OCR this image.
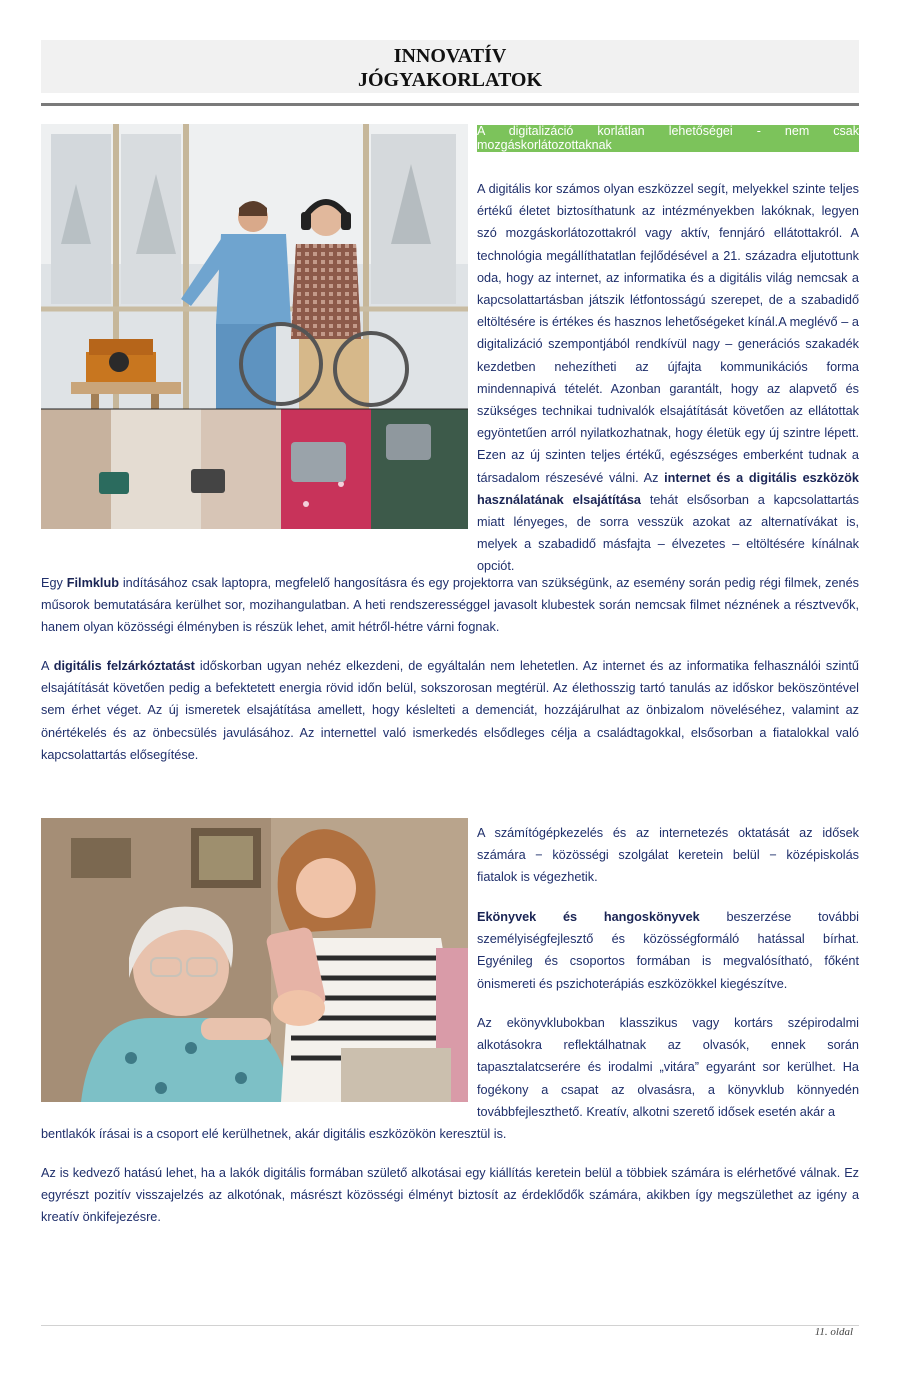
INNOVATÍV
JÓGYAKORLATOK
A digitalizáció korlátlan lehetőségei - nem csak mozgáskorlátozottaknak
A digitális kor számos olyan eszközzel segít, melyekkel szinte teljes értékű életet biztosíthatunk az intézményekben lakóknak, legyen szó mozgáskorlátozottakról vagy aktív, fennjáró ellátottakról. A technológia megállíthatatlan fejlődésével a 21. századra eljutottunk oda, hogy az internet, az informatika és a digitális világ nemcsak a kapcsolattartásban játszik létfontosságú szerepet, de a szabadidő eltöltésére is értékes és hasznos lehetőségeket kínál.A meglévő – a digitalizáció szempontjából rendkívül nagy – generációs szakadék kezdetben nehezítheti az újfajta kommunikációs forma mindennapivá tételét. Azonban garantált, hogy az alapvető és szükséges technikai tudnivalók elsajátítását követően az ellátottak egyöntetűen arról nyilatkozhatnak, hogy életük egy új szintre lépett. Ezen az új szinten teljes értékű, egészséges emberként tudnak a társadalom részesévé válni. Az internet és a digitális eszközök használatának elsajátítása tehát elsősorban a kapcsolattartás miatt lényeges, de sorra vesszük azokat az alternatívákat is, melyek a szabadidő másfajta – élvezetes – eltöltésére kínálnak opciót.
Egy Filmklub indításához csak laptopra, megfelelő hangosításra és egy projektorra van szükségünk, az esemény során pedig régi filmek, zenés műsorok bemutatására kerülhet sor, mozihangulatban. A heti rendszerességgel javasolt klubestek során nemcsak filmet néznének a résztvevők, hanem olyan közösségi élményben is részük lehet, amit hétről-hétre várni fognak.
A digitális felzárkóztatást időskorban ugyan nehéz elkezdeni, de egyáltalán nem lehetetlen. Az internet és az informatika felhasználói szintű elsajátítását követően pedig a befektetett energia rövid időn belül, sokszorosan megtérül. Az élethosszig tartó tanulás az időskor beköszöntével sem érhet véget. Az új ismeretek elsajátítása amellett, hogy késlelteti a demenciát, hozzájárulhat az önbizalom növeléséhez, valamint az önértékelés és az önbecsülés javulásához. Az internettel való ismerkedés elsődleges célja a családtagokkal, elsősorban a fiatalokkal való kapcsolattartás elősegítése.
A számítógépkezelés és az internetezés oktatását az idősek számára − közösségi szolgálat keretein belül − középiskolás fiatalok is végezhetik.
Ekönyvek és hangoskönyvek beszerzése további személyiségfejlesztő és közösségformáló hatással bírhat. Egyénileg és csoportos formában is megvalósítható, főként önismereti és pszichoterápiás eszközökkel kiegészítve.
Az ekönyvklubokban klasszikus vagy kortárs szépirodalmi alkotásokra reflektálhatnak az olvasók, ennek során tapasztalatcserére és irodalmi „vitára” egyaránt sor kerülhet. Ha fogékony a csapat az olvasásra, a könyvklub könnyedén továbbfejleszthető. Kreatív, alkotni szerető idősek esetén akár a
bentlakók írásai is a csoport elé kerülhetnek, akár digitális eszközökön keresztül is.
Az is kedvező hatású lehet, ha a lakók digitális formában születő alkotásai egy kiállítás keretein belül a többiek számára is elérhetővé válnak. Ez egyrészt pozitív visszajelzés az alkotónak, másrészt közösségi élményt biztosít az érdeklődők számára, akikben így megszülethet az igény a kreatív önkifejezésre.
11. oldal
